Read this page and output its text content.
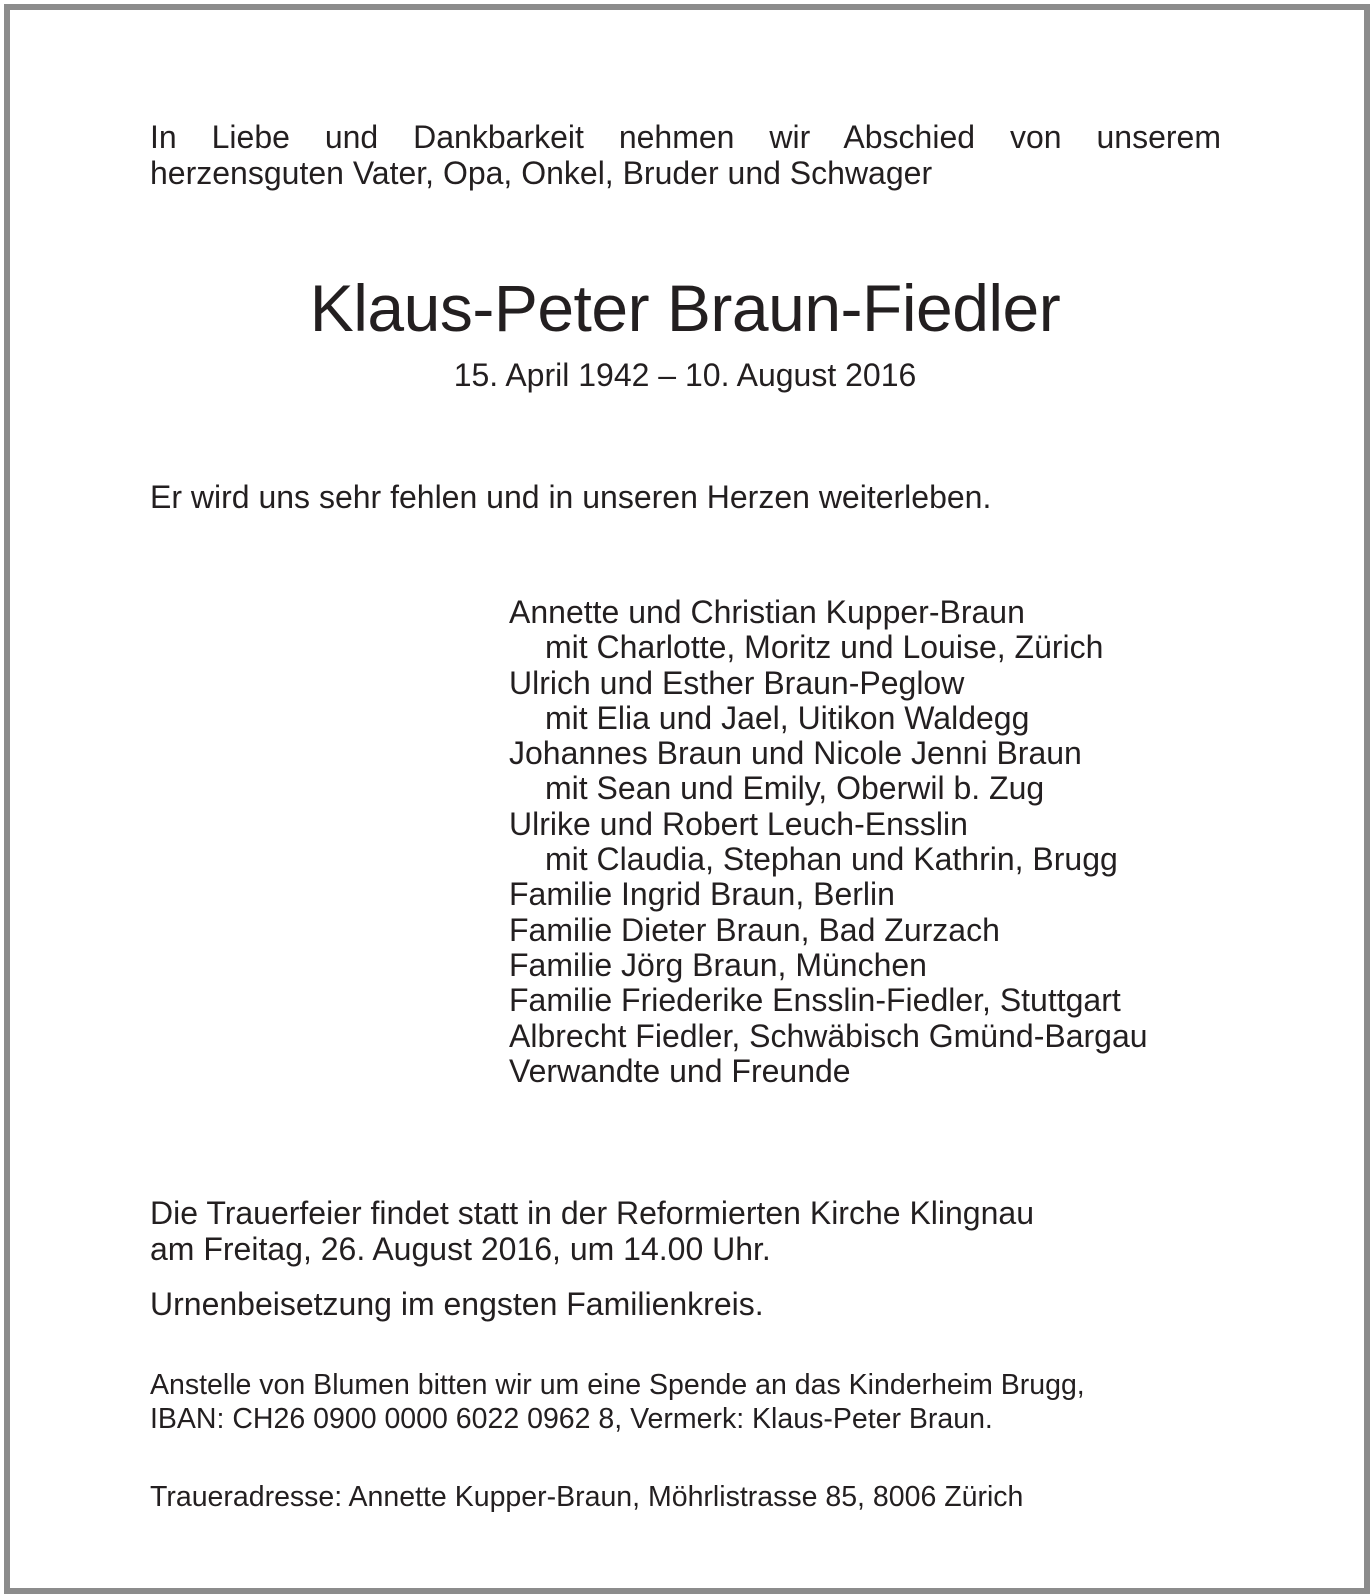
In Liebe und Dankbarkeit nehmen wir Abschied von unserem
herzensguten Vater, Opa, Onkel, Bruder und Schwager
Klaus-Peter Braun-Fiedler
15. April 1942 – 10. August 2016
Er wird uns sehr fehlen und in unseren Herzen weiterleben.
Annette und Christian Kupper-Braun
mit Charlotte, Moritz und Louise, Zürich
Ulrich und Esther Braun-Peglow
mit Elia und Jael, Uitikon Waldegg
Johannes Braun und Nicole Jenni Braun
mit Sean und Emily, Oberwil b. Zug
Ulrike und Robert Leuch-Ensslin
mit Claudia, Stephan und Kathrin, Brugg
Familie Ingrid Braun, Berlin
Familie Dieter Braun, Bad Zurzach
Familie Jörg Braun, München
Familie Friederike Ensslin-Fiedler, Stuttgart
Albrecht Fiedler, Schwäbisch Gmünd-Bargau
Verwandte und Freunde
Die Trauerfeier findet statt in der Reformierten Kirche Klingnau
am Freitag, 26. August 2016, um 14.00 Uhr.
Urnenbeisetzung im engsten Familienkreis.
Anstelle von Blumen bitten wir um eine Spende an das Kinderheim Brugg,
IBAN: CH26 0900 0000 6022 0962 8, Vermerk: Klaus-Peter Braun.
Traueradresse: Annette Kupper-Braun, Möhrlistrasse 85, 8006 Zürich
